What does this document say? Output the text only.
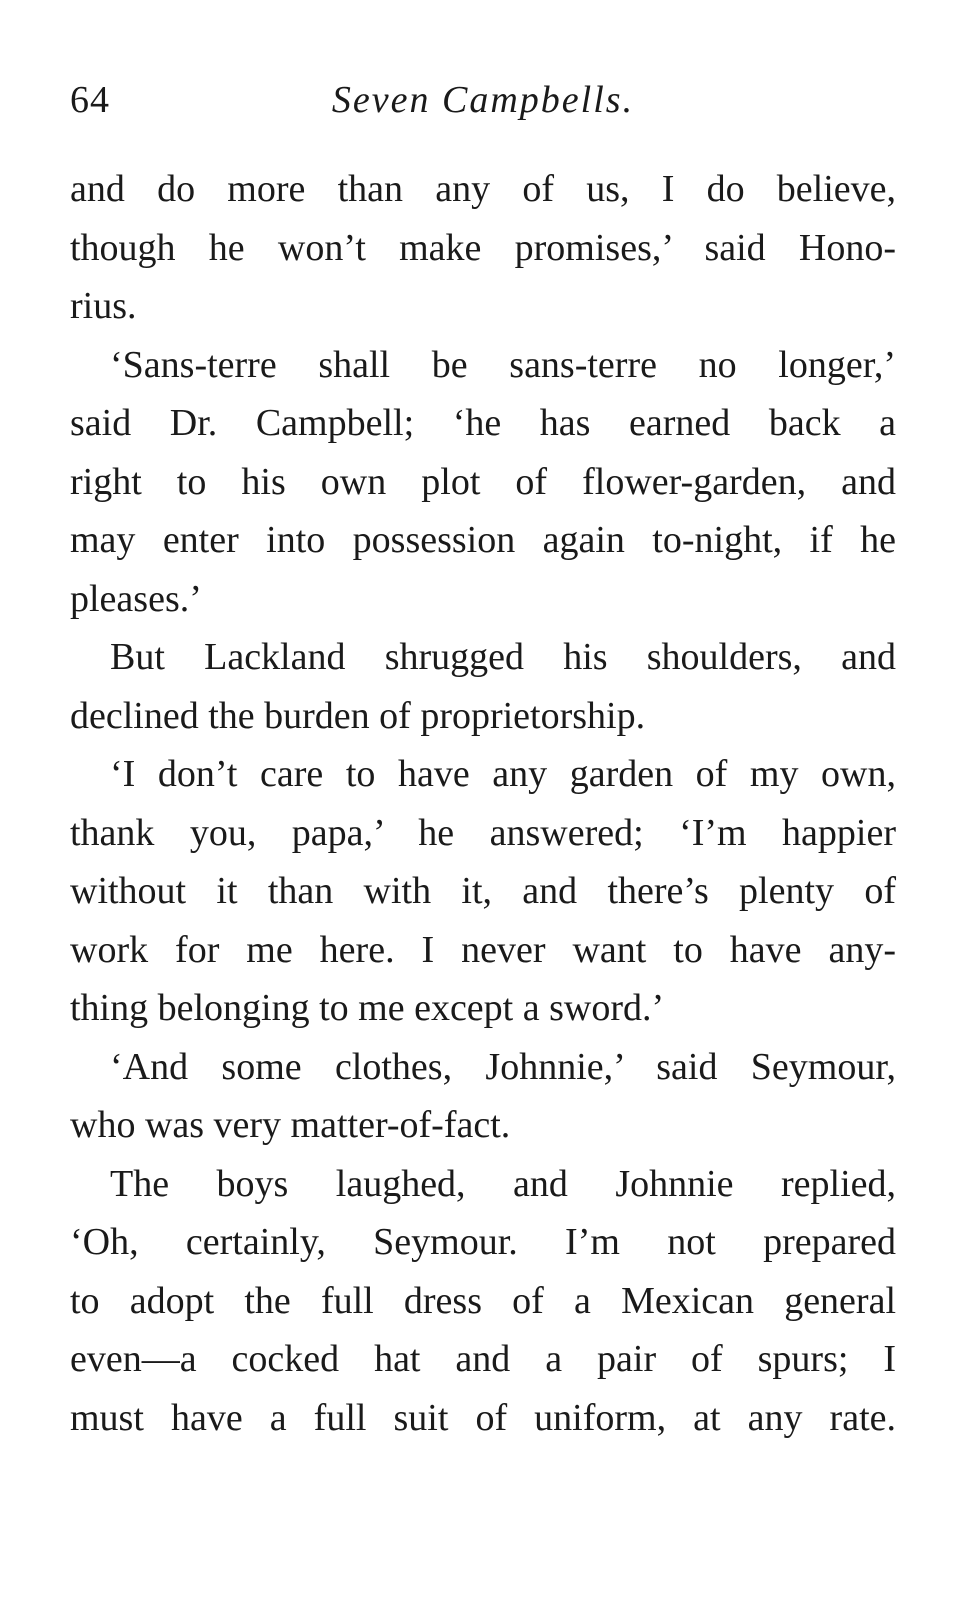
64	Seven Campbells.
and do more than any of us, I do believe,
though he won’t make promises,’ said Hono-
rius.
‘Sans-terre shall be sans-terre no longer,’
said Dr. Campbell; ‘he has earned back a
right to his own plot of flower-garden, and
may enter into possession again to-night, if he
pleases.’
But Lackland shrugged his shoulders, and
declined the burden of proprietorship.
‘I don’t care to have any garden of my own,
thank you, papa,’ he answered; ‘I’m happier
without it than with it, and there’s plenty of
work for me here. I never want to have any-
thing belonging to me except a sword.’
‘And some clothes, Johnnie,’ said Seymour,
who was very matter-of-fact.
The boys laughed, and Johnnie replied,
‘Oh, certainly, Seymour. I’m not prepared
to adopt the full dress of a Mexican general
even—a cocked hat and a pair of spurs; I
must have a full suit of uniform, at any rate.
